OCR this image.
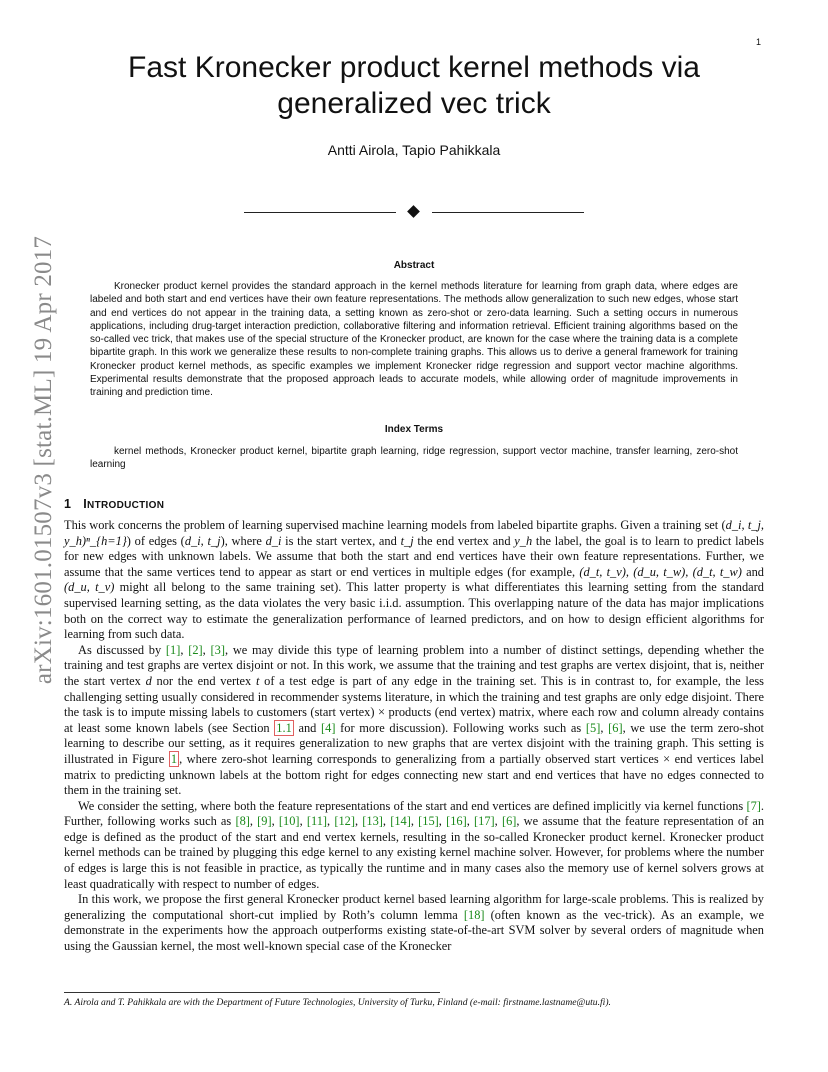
1
arXiv:1601.01507v3 [stat.ML] 19 Apr 2017
Fast Kronecker product kernel methods via
generalized vec trick
Antti Airola, Tapio Pahikkala
Abstract

Kronecker product kernel provides the standard approach in the kernel methods literature for learning from graph data, where edges are labeled and both start and end vertices have their own feature representations. The methods allow generalization to such new edges, whose start and end vertices do not appear in the training data, a setting known as zero-shot or zero-data learning. Such a setting occurs in numerous applications, including drug-target interaction prediction, collaborative filtering and information retrieval. Efficient training algorithms based on the so-called vec trick, that makes use of the special structure of the Kronecker product, are known for the case where the training data is a complete bipartite graph. In this work we generalize these results to non-complete training graphs. This allows us to derive a general framework for training Kronecker product kernel methods, as specific examples we implement Kronecker ridge regression and support vector machine algorithms. Experimental results demonstrate that the proposed approach leads to accurate models, while allowing order of magnitude improvements in training and prediction time.

Index Terms

kernel methods, Kronecker product kernel, bipartite graph learning, ridge regression, support vector machine, transfer learning, zero-shot learning

1 INTRODUCTION

This work concerns the problem of learning supervised machine learning models from labeled bipartite graphs. Given a training set (d_i, t_j, y_h)ⁿ_{h=1}) of edges (d_i, t_j), where d_i is the start vertex, and t_j the end vertex and y_h the label, the goal is to learn to predict labels for new edges with unknown labels. We assume that both the start and end vertices have their own feature representations. Further, we assume that the same vertices tend to appear as start or end vertices in multiple edges (for example, (d_t, t_v), (d_u, t_w), (d_t, t_w) and (d_u, t_v) might all belong to the same training set). This latter property is what differentiates this learning setting from the standard supervised learning setting, as the data violates the very basic i.i.d. assumption. This overlapping nature of the data has major implications both on the correct way to estimate the generalization performance of learned predictors, and on how to design efficient algorithms for learning from such data.

As discussed by [1], [2], [3], we may divide this type of learning problem into a number of distinct settings, depending whether the training and test graphs are vertex disjoint or not. In this work, we assume that the training and test graphs are vertex disjoint, that is, neither the start vertex d nor the end vertex t of a test edge is part of any edge in the training set. This is in contrast to, for example, the less challenging setting usually considered in recommender systems literature, in which the training and test graphs are only edge disjoint. There the task is to impute missing labels to customers (start vertex) × products (end vertex) matrix, where each row and column already contains at least some known labels (see Section 1.1 and [4] for more discussion). Following works such as [5], [6], we use the term zero-shot learning to describe our setting, as it requires generalization to new graphs that are vertex disjoint with the training graph. This setting is illustrated in Figure 1 , where zero-shot learning corresponds to generalizing from a partially observed start vertices × end vertices label matrix to predicting unknown labels at the bottom right for edges connecting new start and end vertices that have no edges connected to them in the training set.

We consider the setting, where both the feature representations of the start and end vertices are defined implicitly via kernel functions [7]. Further, following works such as [8], [9], [10], [11], [12], [13], [14], [15], [16], [17], [6], we assume that the feature representation of an edge is defined as the product of the start and end vertex kernels, resulting in the so-called Kronecker product kernel. Kronecker product kernel methods can be trained by plugging this edge kernel to any existing kernel machine solver. However, for problems where the number of edges is large this is not feasible in practice, as typically the runtime and in many cases also the memory use of kernel solvers grows at least quadratically with respect to number of edges.

In this work, we propose the first general Kronecker product kernel based learning algorithm for large-scale problems. This is realized by generalizing the computational short-cut implied by Roth’s column lemma [18] (often known as the vec-trick). As an example, we demonstrate in the experiments how the approach outperforms existing state-of-the-art SVM solver by several orders of magnitude when using the Gaussian kernel, the most well-known special case of the Kronecker

A. Airola and T. Pahikkala are with the Department of Future Technologies, University of Turku, Finland (e-mail: firstname.lastname@utu.fi).
